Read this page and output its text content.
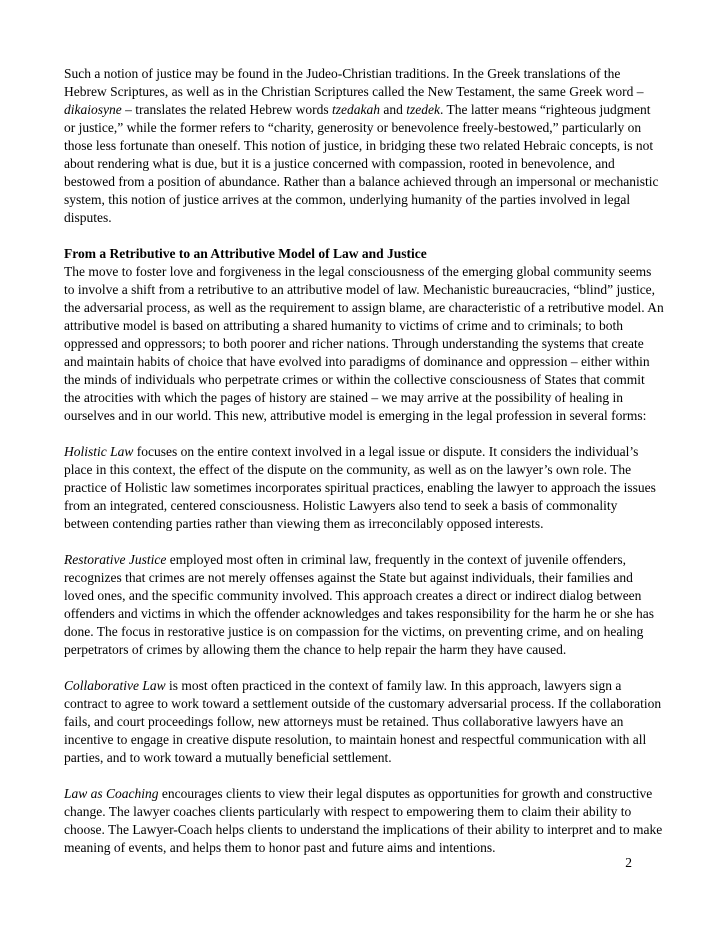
Such a notion of justice may be found in the Judeo-Christian traditions. In the Greek translations of the Hebrew Scriptures, as well as in the Christian Scriptures called the New Testament, the same Greek word – dikaiosyne – translates the related Hebrew words tzedakah and tzedek. The latter means “righteous judgment or justice,” while the former refers to “charity, generosity or benevolence freely-bestowed,” particularly on those less fortunate than oneself. This notion of justice, in bridging these two related Hebraic concepts, is not about rendering what is due, but it is a justice concerned with compassion, rooted in benevolence, and bestowed from a position of abundance. Rather than a balance achieved through an impersonal or mechanistic system, this notion of justice arrives at the common, underlying humanity of the parties involved in legal disputes.

From a Retributive to an Attributive Model of Law and Justice
The move to foster love and forgiveness in the legal consciousness of the emerging global community seems to involve a shift from a retributive to an attributive model of law. Mechanistic bureaucracies, “blind” justice, the adversarial process, as well as the requirement to assign blame, are characteristic of a retributive model. An attributive model is based on attributing a shared humanity to victims of crime and to criminals; to both oppressed and oppressors; to both poorer and richer nations. Through understanding the systems that create and maintain habits of choice that have evolved into paradigms of dominance and oppression – either within the minds of individuals who perpetrate crimes or within the collective consciousness of States that commit the atrocities with which the pages of history are stained – we may arrive at the possibility of healing in ourselves and in our world. This new, attributive model is emerging in the legal profession in several forms:

Holistic Law focuses on the entire context involved in a legal issue or dispute. It considers the individual’s place in this context, the effect of the dispute on the community, as well as on the lawyer’s own role. The practice of Holistic law sometimes incorporates spiritual practices, enabling the lawyer to approach the issues from an integrated, centered consciousness. Holistic Lawyers also tend to seek a basis of commonality between contending parties rather than viewing them as irreconcilably opposed interests.

Restorative Justice employed most often in criminal law, frequently in the context of juvenile offenders, recognizes that crimes are not merely offenses against the State but against individuals, their families and loved ones, and the specific community involved. This approach creates a direct or indirect dialog between offenders and victims in which the offender acknowledges and takes responsibility for the harm he or she has done. The focus in restorative justice is on compassion for the victims, on preventing crime, and on healing perpetrators of crimes by allowing them the chance to help repair the harm they have caused.

Collaborative Law is most often practiced in the context of family law. In this approach, lawyers sign a contract to agree to work toward a settlement outside of the customary adversarial process. If the collaboration fails, and court proceedings follow, new attorneys must be retained. Thus collaborative lawyers have an incentive to engage in creative dispute resolution, to maintain honest and respectful communication with all parties, and to work toward a mutually beneficial settlement.

Law as Coaching encourages clients to view their legal disputes as opportunities for growth and constructive change. The lawyer coaches clients particularly with respect to empowering them to claim their ability to choose. The Lawyer-Coach helps clients to understand the implications of their ability to interpret and to make meaning of events, and helps them to honor past and future aims and intentions.

2
